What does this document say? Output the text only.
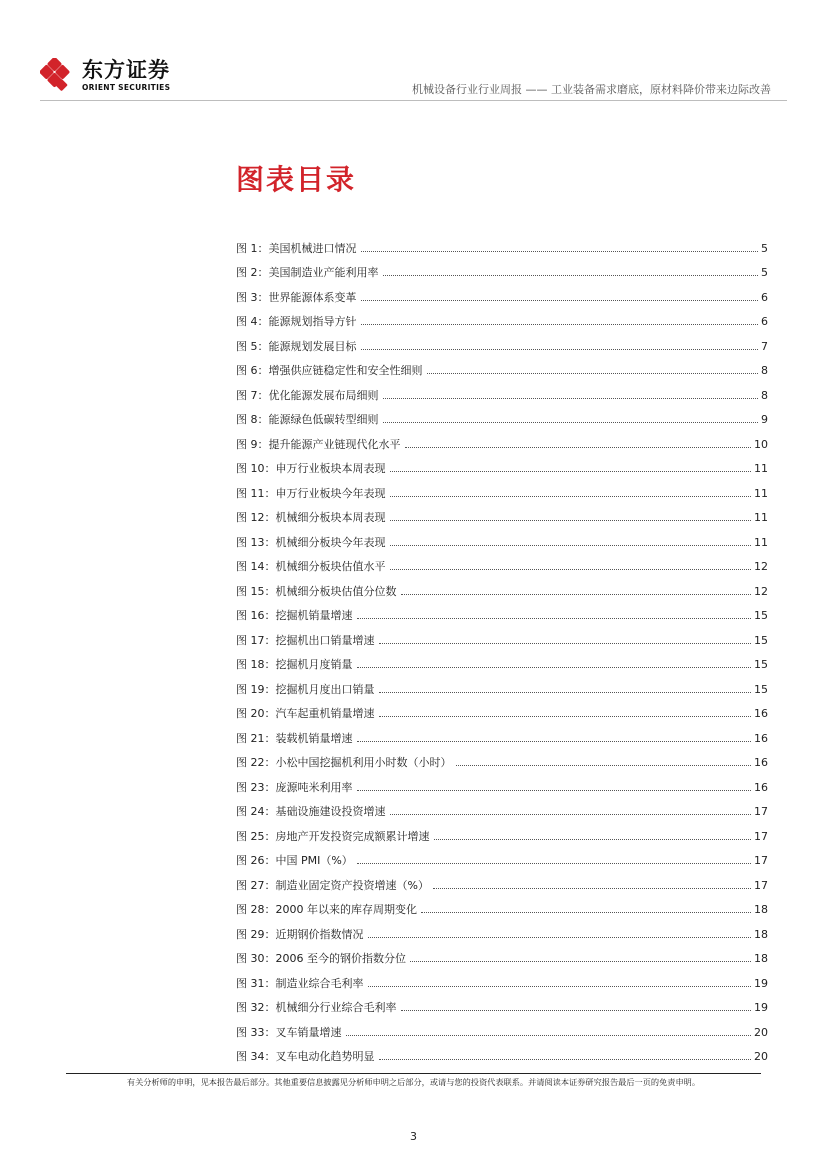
东方证券
ORIENT SECURITIES	机械设备行业行业周报 —— 工业装备需求磨底，原材料降价带来边际改善
图表目录
图 1：美国机械进口情况	5
图 2：美国制造业产能利用率	5
图 3：世界能源体系变革	6
图 4：能源规划指导方针	6
图 5：能源规划发展目标	7
图 6：增强供应链稳定性和安全性细则	8
图 7：优化能源发展布局细则	8
图 8：能源绿色低碳转型细则	9
图 9：提升能源产业链现代化水平	10
图 10：申万行业板块本周表现	11
图 11：申万行业板块今年表现	11
图 12：机械细分板块本周表现	11
图 13：机械细分板块今年表现	11
图 14：机械细分板块估值水平	12
图 15：机械细分板块估值分位数	12
图 16：挖掘机销量增速	15
图 17：挖掘机出口销量增速	15
图 18：挖掘机月度销量	15
图 19：挖掘机月度出口销量	15
图 20：汽车起重机销量增速	16
图 21：装载机销量增速	16
图 22：小松中国挖掘机利用小时数（小时）	16
图 23：庞源吨米利用率	16
图 24：基础设施建设投资增速	17
图 25：房地产开发投资完成额累计增速	17
图 26：中国 PMI（%）	17
图 27：制造业固定资产投资增速（%）	17
图 28：2000 年以来的库存周期变化	18
图 29：近期钢价指数情况	18
图 30：2006 至今的钢价指数分位	18
图 31：制造业综合毛利率	19
图 32：机械细分行业综合毛利率	19
图 33：叉车销量增速	20
图 34：叉车电动化趋势明显	20
有关分析师的申明，见本报告最后部分。其他重要信息披露见分析师申明之后部分，或请与您的投资代表联系。并请阅读本证券研究报告最后一页的免责申明。
3
